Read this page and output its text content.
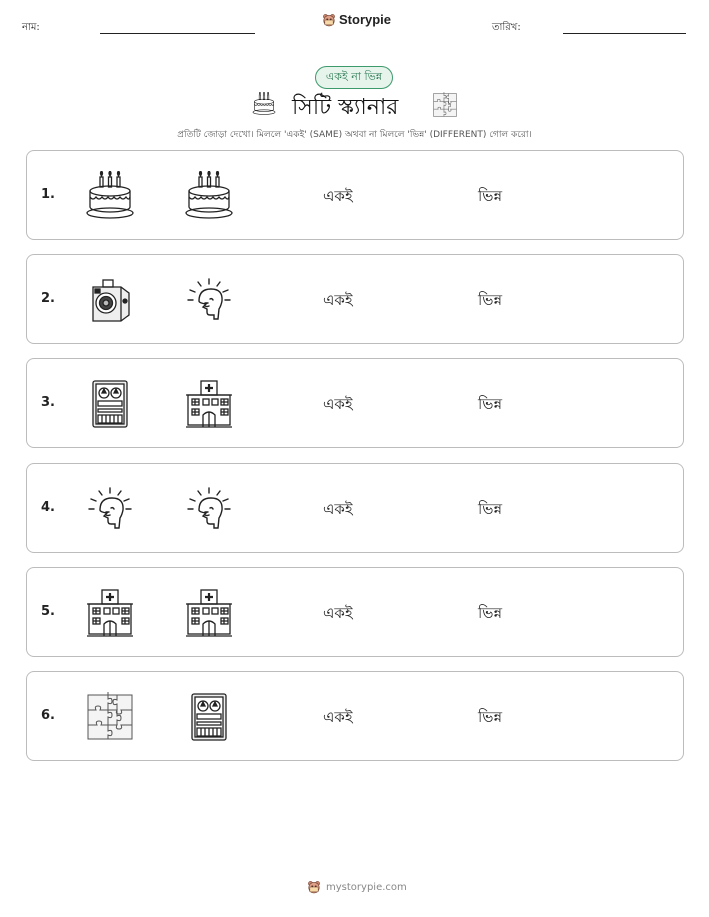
নাম:
Storypie
তারিখ:
একই না ভিন্ন
সিটি স্ক্যানার
প্রতিটি জোড়া দেখো। মিললে 'একই' (SAME) অথবা না মিললে 'ভিন্ন' (DIFFERENT) গোল করো।
1.	একই	ভিন্ন
2.	একই	ভিন্ন
3.	একই	ভিন্ন
4.	একই	ভিন্ন
5.	একই	ভিন্ন
6.	একই	ভিন্ন
mystorypie.com
